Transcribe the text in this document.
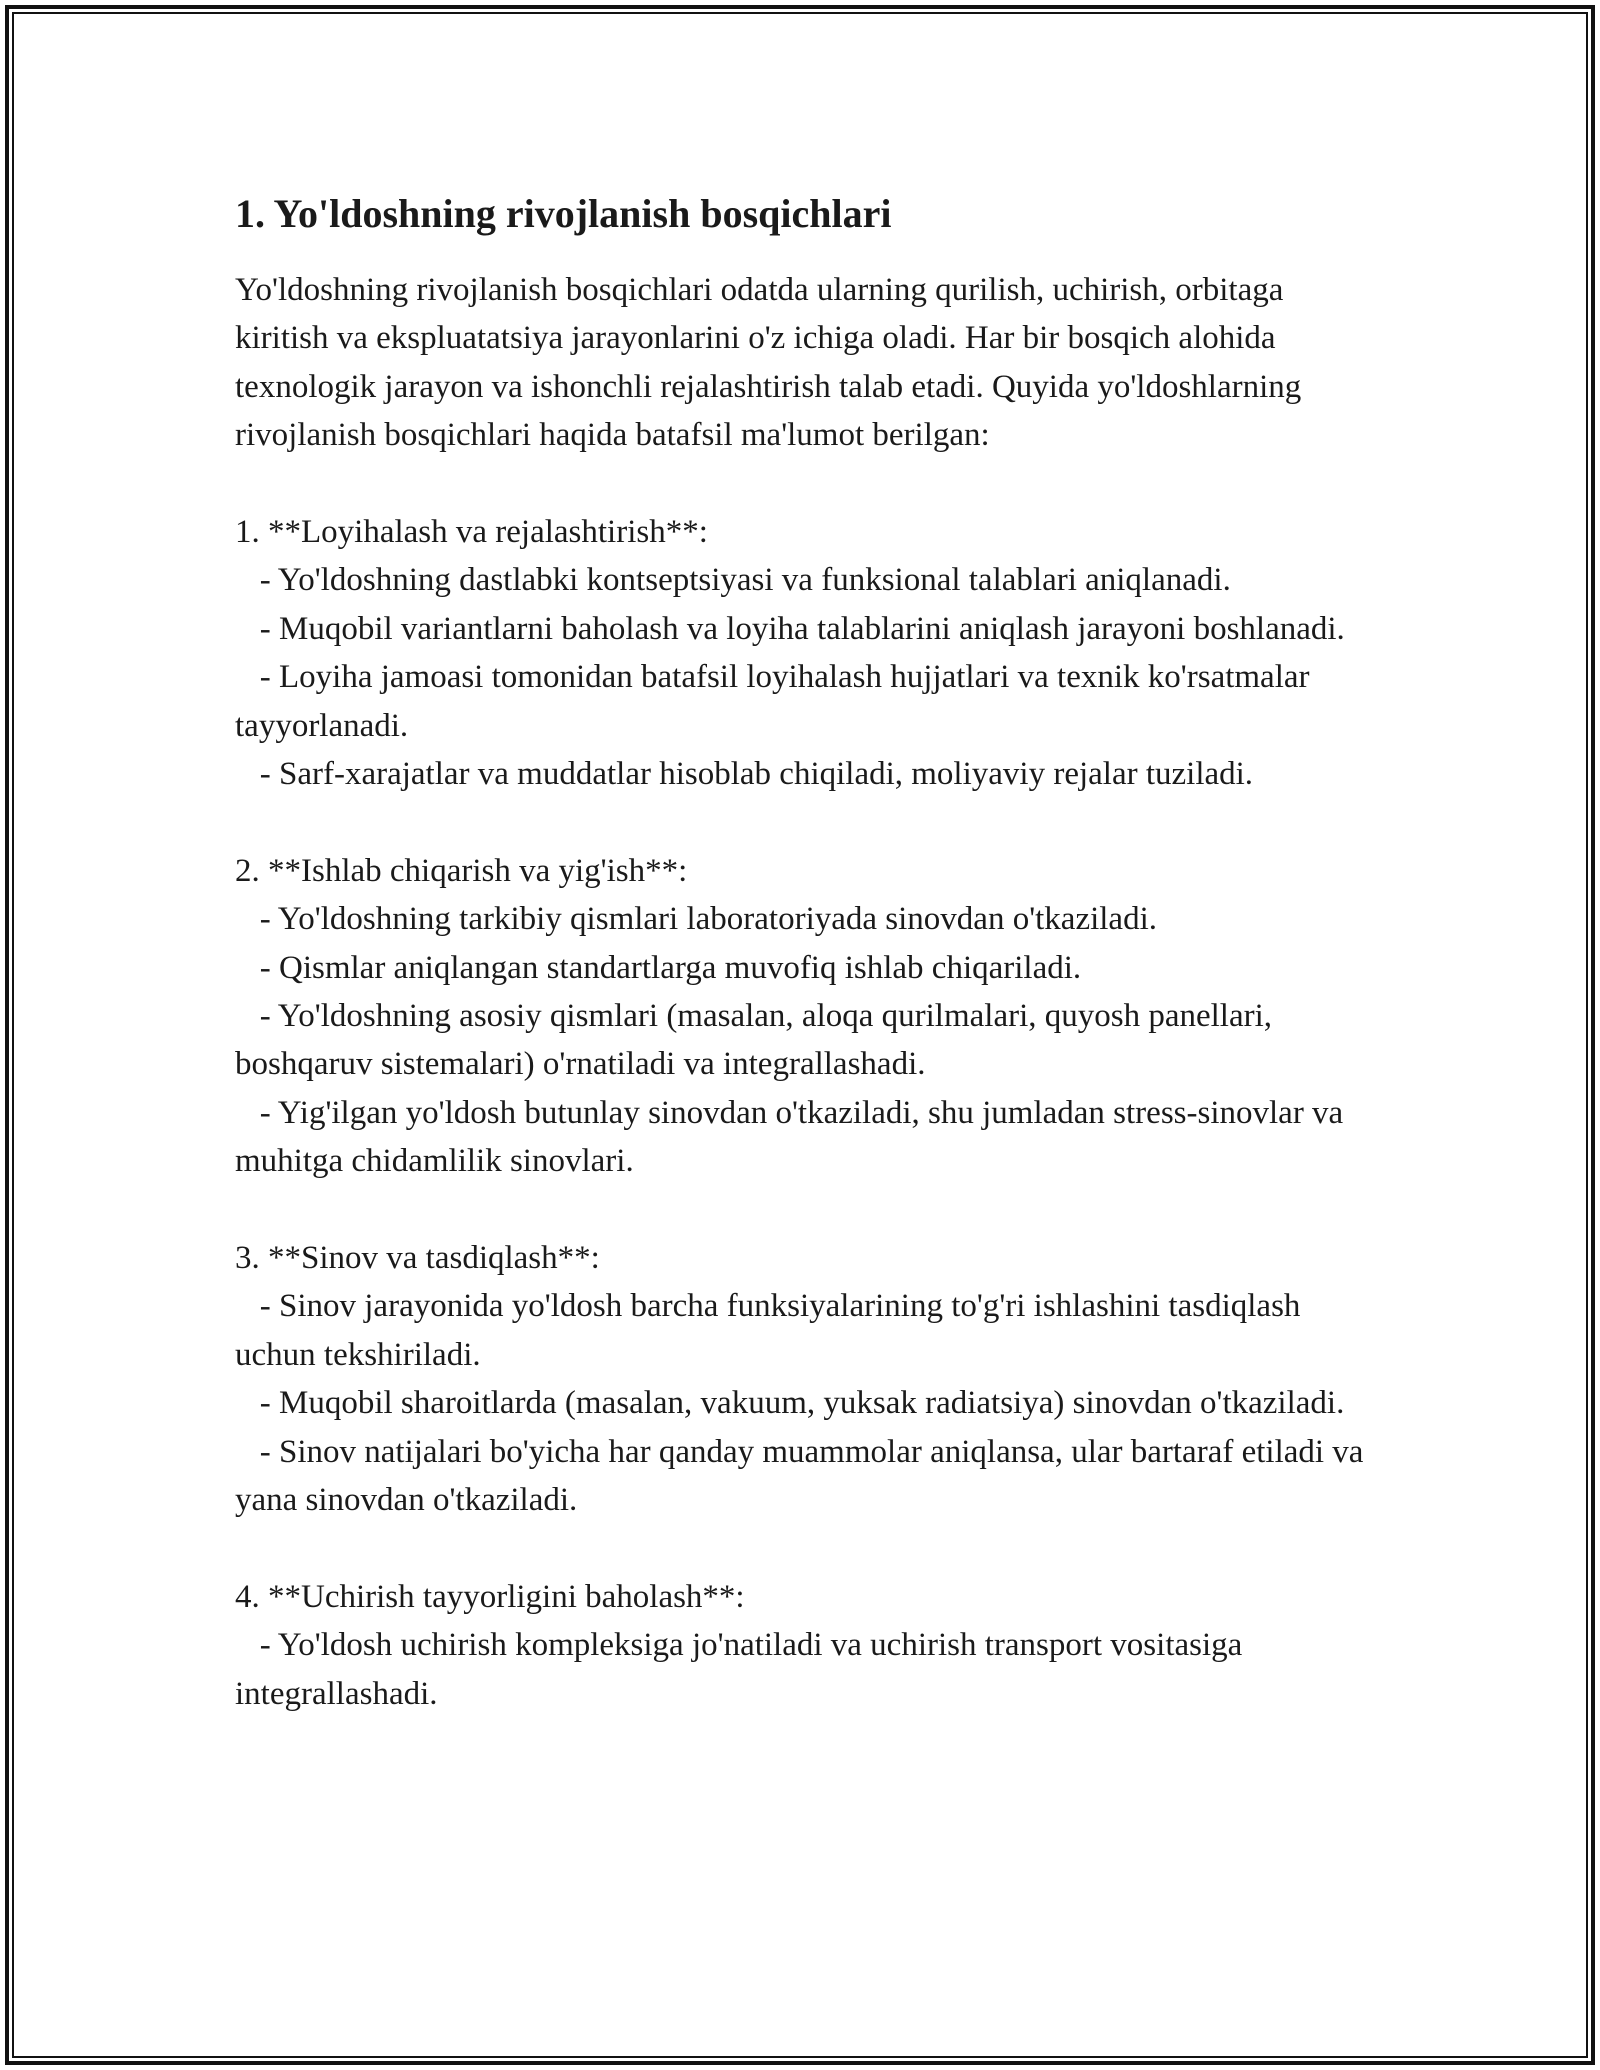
1. Yo'ldoshning rivojlanish bosqichlari

Yo'ldoshning rivojlanish bosqichlari odatda ularning qurilish, uchirish, orbitaga kiritish va ekspluatatsiya jarayonlarini o'z ichiga oladi. Har bir bosqich alohida texnologik jarayon va ishonchli rejalashtirish talab etadi. Quyida yo'ldoshlarning rivojlanish bosqichlari haqida batafsil ma'lumot berilgan:

1. **Loyihalash va rejalashtirish**:

- Yo'ldoshning dastlabki kontseptsiyasi va funksional talablari aniqlanadi.

- Muqobil variantlarni baholash va loyiha talablarini aniqlash jarayoni boshlanadi.

- Loyiha jamoasi tomonidan batafsil loyihalash hujjatlari va texnik ko'rsatmalar tayyorlanadi.

- Sarf-xarajatlar va muddatlar hisoblab chiqiladi, moliyaviy rejalar tuziladi.

2. **Ishlab chiqarish va yig'ish**:

- Yo'ldoshning tarkibiy qismlari laboratoriyada sinovdan o'tkaziladi.

- Qismlar aniqlangan standartlarga muvofiq ishlab chiqariladi.

- Yo'ldoshning asosiy qismlari (masalan, aloqa qurilmalari, quyosh panellari, boshqaruv sistemalari) o'rnatiladi va integrallashadi.

- Yig'ilgan yo'ldosh butunlay sinovdan o'tkaziladi, shu jumladan stress-sinovlar va muhitga chidamlilik sinovlari.

3. **Sinov va tasdiqlash**:

- Sinov jarayonida yo'ldosh barcha funksiyalarining to'g'ri ishlashini tasdiqlash uchun tekshiriladi.

- Muqobil sharoitlarda (masalan, vakuum, yuksak radiatsiya) sinovdan o'tkaziladi.

- Sinov natijalari bo'yicha har qanday muammolar aniqlansa, ular bartaraf etiladi va yana sinovdan o'tkaziladi.

4. **Uchirish tayyorligini baholash**:

- Yo'ldosh uchirish kompleksiga jo'natiladi va uchirish transport vositasiga integrallashadi.
